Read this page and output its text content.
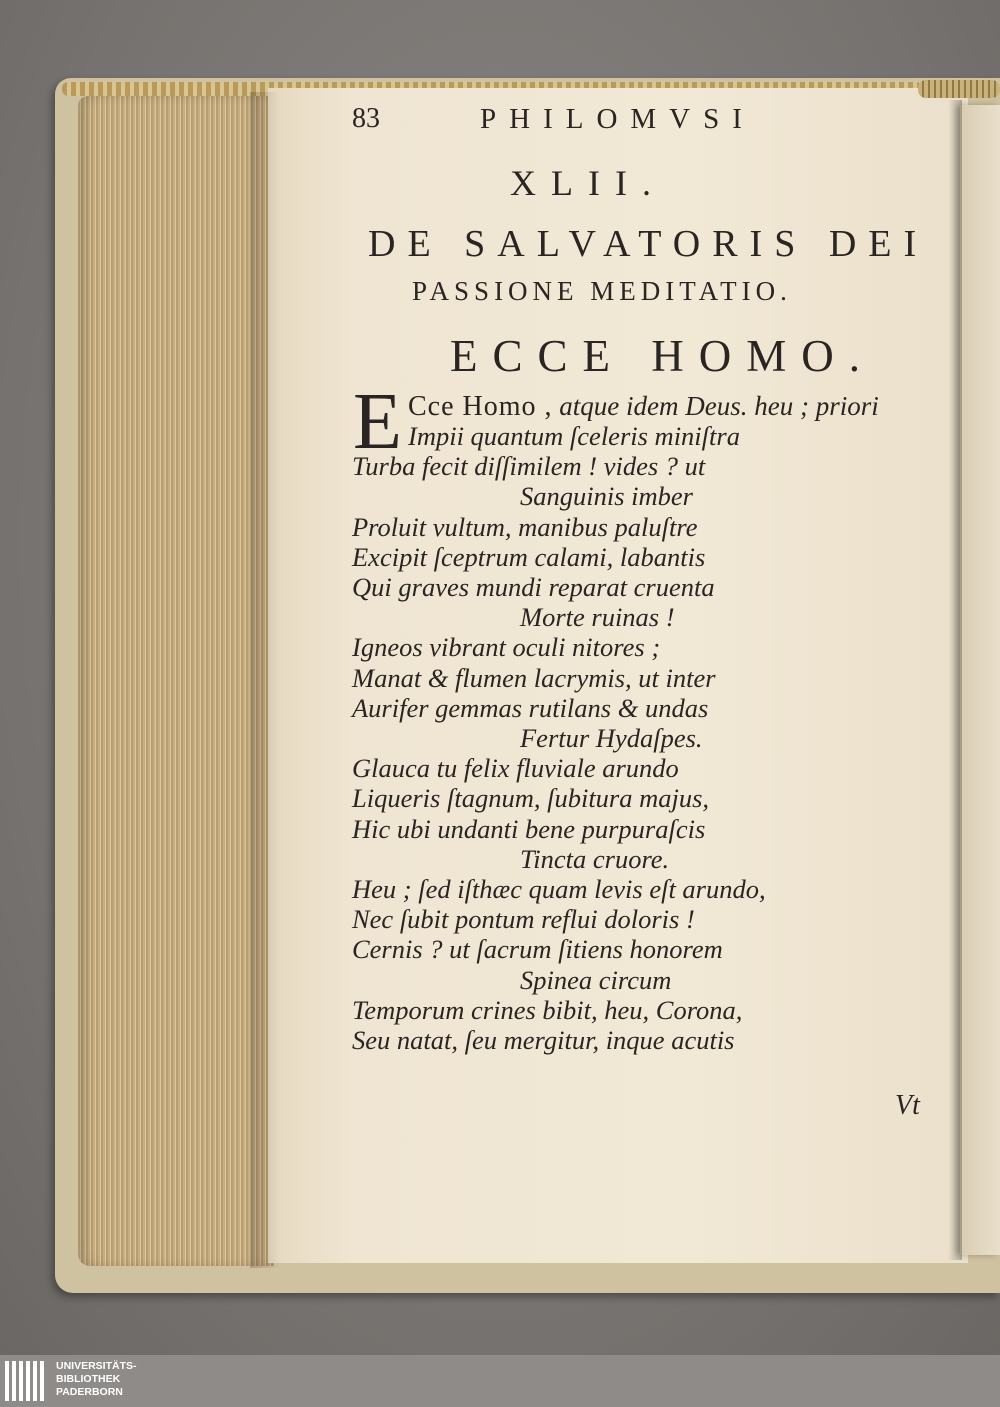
83	PHILOMVSI
XLII.
DE SALVATORIS DEI
PASSIONE MEDITATIO.
ECCE HOMO.
E Cce Homo , atque idem Deus. heu ; priori
Impii quantum ſceleris miniſtra
Turba fecit diſſimilem ! vides ? ut
Sanguinis imber
Proluit vultum, manibus paluſtre
Excipit ſceptrum calami, labantis
Qui graves mundi reparat cruenta
Morte ruinas !
Igneos vibrant oculi nitores ;
Manat & flumen lacrymis, ut inter
Aurifer gemmas rutilans & undas
Fertur Hydaſpes.
Glauca tu felix fluviale arundo
Liqueris ſtagnum, ſubitura majus,
Hic ubi undanti bene purpuraſcis
Tincta cruore.
Heu ; ſed iſthæc quam levis eſt arundo,
Nec ſubit pontum reflui doloris !
Cernis ? ut ſacrum ſitiens honorem
Spinea circum
Temporum crines bibit, heu, Corona,
Seu natat, ſeu mergitur, inque acutis
Vt
UNIVERSITÄTS-
BIBLIOTHEK
PADERBORN
